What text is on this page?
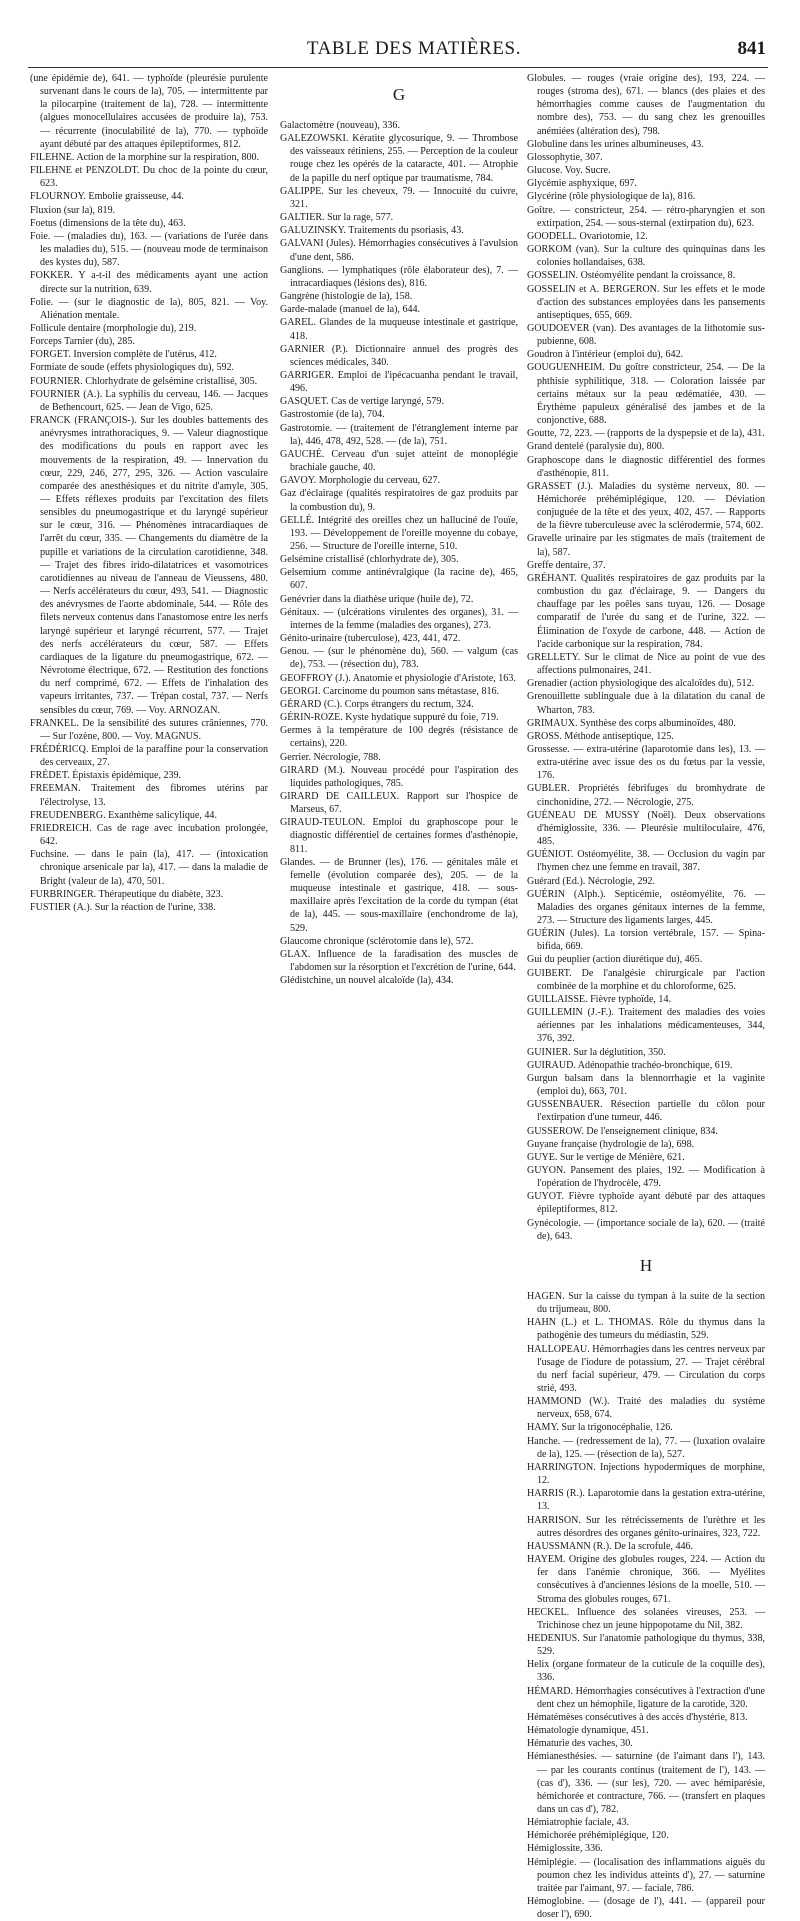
TABLE DES MATIÈRES.	841

(une épidémie de), 641. — typhoïde (pleurésie purulente survenant dans le cours de la), 705. — intermittente par la pilocarpine (traitement de la), 728. — intermittente (algues monocellulaires accusées de produire la), 753. — récurrente (inoculabilité de la), 770. — typhoïde ayant débuté par des attaques épileptiformes, 812.

FILEHNE. Action de la morphine sur la respiration, 800.

FILEHNE et PENZOLDT. Du choc de la pointe du cœur, 623.

FLOURNOY. Embolie graisseuse, 44.

Fluxion (sur la), 819.

Foetus (dimensions de la tête du), 463.

Foie. — (maladies du), 163. — (variations de l'urée dans les maladies du), 515. — (nouveau mode de terminaison des kystes du), 587.

FOKKER. Y a-t-il des médicaments ayant une action directe sur la nutrition, 639.

Folie. — (sur le diagnostic de la), 805, 821. — Voy. Aliénation mentale.

Follicule dentaire (morphologie du), 219.

Forceps Tarnier (du), 285.

FORGET. Inversion complète de l'utérus, 412.

Formiate de soude (effets physiologiques du), 592.

FOURNIER. Chlorhydrate de gelsémine cristallisé, 305.

FOURNIER (A.). La syphilis du cerveau, 146. — Jacques de Bethencourt, 625. — Jean de Vigo, 625.

FRANCK (FRANÇOIS-). Sur les doubles battements des anévrysmes intrathoraciques, 9. — Valeur diagnostique des modifications du pouls en rapport avec les mouvements de la respiration, 49. — Innervation du cœur, 229, 246, 277, 295, 326. — Action vasculaire comparée des anesthésiques et du nitrite d'amyle, 305. — Effets réflexes produits par l'excitation des filets sensibles du pneumogastrique et du laryngé supérieur sur le cœur, 316. — Phénomènes intracardiaques de l'arrêt du cœur, 335. — Changements du diamètre de la pupille et variations de la circulation carotidienne, 348. — Trajet des fibres irido-dilatatrices et vasomotrices carotidiennes au niveau de l'anneau de Vieussens, 480. — Nerfs accélérateurs du cœur, 493, 541. — Diagnostic des anévrysmes de l'aorte abdominale, 544. — Rôle des filets nerveux contenus dans l'anastomose entre les nerfs laryngé supérieur et laryngé récurrent, 577. — Trajet des nerfs accélérateurs du cœur, 587. — Effets cardiaques de la ligature du pneumogastrique, 672. — Névrotome électrique, 672. — Restitution des fonctions du nerf comprimé, 672. — Effets de l'inhalation des vapeurs irritantes, 737. — Trépan costal, 737. — Nerfs sensibles du cœur, 769. — Voy. ARNOZAN.

FRANKEL. De la sensibilité des sutures crâniennes, 770. — Sur l'ozène, 800. — Voy. MAGNUS.

FRÉDÉRICQ. Emploi de la paraffine pour la conservation des cerveaux, 27.

FRÉDET. Épistaxis épidémique, 239.

FREEMAN. Traitement des fibromes utérins par l'électrolyse, 13.

FREUDENBERG. Exanthème salicylique, 44.

FRIEDREICH. Cas de rage avec incubation prolongée, 642.

Fuchsine. — dans le pain (la), 417. — (intoxication chronique arsenicale par la), 417. — dans la maladie de Bright (valeur de la), 470, 501.

FURBRINGER. Thérapeutique du diabète, 323.

FUSTIER (A.). Sur la réaction de l'urine, 338.

G

Galactomètre (nouveau), 336.

GALEZOWSKI. Kératite glycosurique, 9. — Thrombose des vaisseaux rétiniens, 255. — Perception de la couleur rouge chez les opérés de la cataracte, 401. — Atrophie de la papille du nerf optique par traumatisme, 784.

GALIPPE. Sur les cheveux, 79. — Innocuité du cuivre, 321.

GALTIER. Sur la rage, 577.

GALUZINSKY. Traitements du psoriasis, 43.

GALVANI (Jules). Hémorrhagies consécutives à l'avulsion d'une dent, 586.

Ganglions. — lymphatiques (rôle élaborateur des), 7. — intracardiaques (lésions des), 816.

Gangrène (histologie de la), 158.

Garde-malade (manuel de la), 644.

GAREL. Glandes de la muqueuse intestinale et gastrique, 418.

GARNIER (P.). Dictionnaire annuel des progrès des sciences médicales, 340.

GARRIGER. Emploi de l'ipécacuanha pendant le travail, 496.

GASQUET. Cas de vertige laryngé, 579.

Gastrostomie (de la), 704.

Gastrotomie. — (traitement de l'étranglement interne par la), 446, 478, 492, 528. — (de la), 751.

GAUCHÉ. Cerveau d'un sujet atteint de monoplégie brachiale gauche, 40.

GAVOY. Morphologie du cerveau, 627.

Gaz d'éclairage (qualités respiratoires de gaz produits par la combustion du), 9.

GELLÉ. Intégrité des oreilles chez un halluciné de l'ouïe, 193. — Développement de l'oreille moyenne du cobaye, 256. — Structure de l'oreille interne, 510.

Gelsémine cristallisé (chlorhydrate de), 305.

Gelsemium comme antinévralgique (la racine de), 465, 607.

Genévrier dans la diathèse urique (huile de), 72.

Génitaux. — (ulcérations virulentes des organes), 31. — internes de la femme (maladies des organes), 273.

Génito-urinaire (tuberculose), 423, 441, 472.

Genou. — (sur le phénomène du), 560. — valgum (cas de), 753. — (résection du), 783.

GEOFFROY (J.). Anatomie et physiologie d'Aristote, 163.

GEORGI. Carcinome du poumon sans métastase, 816.

GÉRARD (C.). Corps étrangers du rectum, 324.

GÉRIN-ROZE. Kyste hydatique suppuré du foie, 719.

Germes à la température de 100 degrés (résistance de certains), 220.

Gerrier. Nécrologie, 788.

GIRARD (M.). Nouveau procédé pour l'aspiration des liquides pathologiques, 785.

GIRARD DE CAILLEUX. Rapport sur l'hospice de Marseus, 67.

GIRAUD-TEULON. Emploi du graphoscope pour le diagnostic différentiel de certaines formes d'asthénopie, 811.

Glandes. — de Brunner (les), 176. — génitales mâle et femelle (évolution comparée des), 205. — de la muqueuse intestinale et gastrique, 418. — sous-maxillaire après l'excitation de la corde du tympan (état de la), 445. — sous-maxillaire (enchondrome de la), 529.

Glaucome chronique (sclérotomie dans le), 572.

GLAX. Influence de la faradisation des muscles de l'abdomen sur la résorption et l'excrétion de l'urine, 644.

Glédistchine, un nouvel alcaloïde (la), 434.

Globules. — rouges (vraie origine des), 193, 224. — rouges (stroma des), 671. — blancs (des plaies et des hémorrhagies comme causes de l'augmentation du nombre des), 753. — du sang chez les grenouilles anémiées (altération des), 798.

Globuline dans les urines albumineuses, 43.

Glossophytie, 307.

Glucose. Voy. Sucre.

Glycémie asphyxique, 697.

Glycérine (rôle physiologique de la), 816.

Goître. — constricteur, 254. — rétro-pharyngien et son extirpation, 254. — sous-sternal (extirpation du), 623.

GOODELL. Ovariotomie, 12.

GORKOM (van). Sur la culture des quinquinas dans les colonies hollandaises, 638.

GOSSELIN. Ostéomyélite pendant la croissance, 8.

GOSSELIN et A. BERGERON. Sur les effets et le mode d'action des substances employées dans les pansements antiseptiques, 655, 669.

GOUDOEVER (van). Des avantages de la lithotomie sus-pubienne, 608.

Goudron à l'intérieur (emploi du), 642.

GOUGUENHEIM. Du goître constricteur, 254. — De la phthisie syphilitique, 318. — Coloration laissée par certains métaux sur la peau œdématiée, 430. — Érythème papuleux généralisé des jambes et de la conjonctive, 688.

Goutte, 72, 223. — (rapports de la dyspepsie et de la), 431.

Grand dentelé (paralysie du), 800.

Graphoscope dans le diagnostic différentiel des formes d'asthénopie, 811.

GRASSET (J.). Maladies du système nerveux, 80. — Hémichorée préhémiplégique, 120. — Déviation conjuguée de la tête et des yeux, 402, 457. — Rapports de la fièvre tuberculeuse avec la sclérodermie, 574, 602.

Gravelle urinaire par les stigmates de maïs (traitement de la), 587.

Greffe dentaire, 37.

GRÉHANT. Qualités respiratoires de gaz produits par la combustion du gaz d'éclairage, 9. — Dangers du chauffage par les poêles sans tuyau, 126. — Dosage comparatif de l'urée du sang et de l'urine, 322. — Élimination de l'oxyde de carbone, 448. — Action de l'acide carbonique sur la respiration, 784.

GRELLETY. Sur le climat de Nice au point de vue des affections pulmonaires, 241.

Grenadier (action physiologique des alcaloïdes du), 512.

Grenouillette sublinguale due à la dilatation du canal de Wharton, 783.

GRIMAUX. Synthèse des corps albuminoïdes, 480.

GROSS. Méthode antiseptique, 125.

Grossesse. — extra-utérine (laparotomie dans les), 13. — extra-utérine avec issue des os du fœtus par la vessie, 176.

GUBLER. Propriétés fébrifuges du bromhydrate de cinchonidine, 272. — Nécrologie, 275.

GUÉNEAU DE MUSSY (Noël). Deux observations d'hémiglossite, 336. — Pleurésie multiloculaire, 476, 485.

GUÉNIOT. Ostéomyélite, 38. — Occlusion du vagin par l'hymen chez une femme en travail, 387.

Guérard (Ed.). Nécrologie, 292.

GUÉRIN (Alph.). Septicémie, ostéomyélite, 76. — Maladies des organes génitaux internes de la femme, 273. — Structure des ligaments larges, 445.

GUÉRIN (Jules). La torsion vertébrale, 157. — Spina-bifida, 669.

Gui du peuplier (action diurétique du), 465.

GUIBERT. De l'analgésie chirurgicale par l'action combinée de la morphine et du chloroforme, 625.

GUILLAISSE. Fièvre typhoïde, 14.

GUILLEMIN (J.-F.). Traitement des maladies des voies aériennes par les inhalations médicamenteuses, 344, 376, 392.

GUINIER. Sur la déglutition, 350.

GUIRAUD. Adénopathie trachéo-bronchique, 619.

Gurgun balsam dans la blennorrhagie et la vaginite (emploi du), 663, 701.

GUSSENBAUER. Résection partielle du côlon pour l'extirpation d'une tumeur, 446.

GUSSEROW. De l'enseignement clinique, 834.

Guyane française (hydrologie de la), 698.

GUYE. Sur le vertige de Ménière, 621.

GUYON. Pansement des plaies, 192. — Modification à l'opération de l'hydrocèle, 479.

GUYOT. Fièvre typhoïde ayant débuté par des attaques épileptiformes, 812.

Gynécologie. — (importance sociale de la), 620. — (traité de), 643.

H

HAGEN. Sur la caisse du tympan à la suite de la section du trijumeau, 800.

HAHN (L.) et L. THOMAS. Rôle du thymus dans la pathogénie des tumeurs du médiastin, 529.

HALLOPEAU. Hémorrhagies dans les centres nerveux par l'usage de l'iodure de potassium, 27. — Trajet cérébral du nerf facial supérieur, 479. — Circulation du corps strié, 493.

HAMMOND (W.). Traité des maladies du système nerveux, 658, 674.

HAMY. Sur la trigonocéphalie, 126.

Hanche. — (redressement de la), 77. — (luxation ovalaire de la), 125. — (résection de la), 527.

HARRINGTON. Injections hypodermiques de morphine, 12.

HARRIS (R.). Laparotomie dans la gestation extra-utérine, 13.

HARRISON. Sur les rétrécissements de l'urèthre et les autres désordres des organes génito-urinaires, 323, 722.

HAUSSMANN (R.). De la scrofule, 446.

HAYEM. Origine des globules rouges, 224. — Action du fer dans l'anémie chronique, 366. — Myélites consécutives à d'anciennes lésions de la moelle, 510. — Stroma des globules rouges, 671.

HECKEL. Influence des solanées vireuses, 253. — Trichinose chez un jeune hippopotame du Nil, 382.

HEDENIUS. Sur l'anatomie pathologique du thymus, 338, 529.

Helix (organe formateur de la cuticule de la coquille des), 336.

HÉMARD. Hémorrhagies consécutives à l'extraction d'une dent chez un hémophile, ligature de la carotide, 320.

Hématémèses consécutives à des accès d'hystérie, 813.

Hématologie dynamique, 451.

Hématurie des vaches, 30.

Hémianesthésies. — saturnine (de l'aimant dans l'), 143. — par les courants continus (traitement de l'), 143. — (cas d'), 336. — (sur les), 720. — avec hémiparésie, hémichorée et contracture, 766. — (transfert en plaques dans un cas d'), 782.

Hémiatrophie faciale, 43.

Hémichorée préhémiplégique, 120.

Hémiglossite, 336.

Hémiplégie. — (localisation des inflammations aiguës du poumon chez les individus atteints d'), 27. — saturnine traitée par l'aimant, 97. — faciale, 786.

Hémoglobine. — (dosage de l'), 441. — (appareil pour doser l'), 690.
